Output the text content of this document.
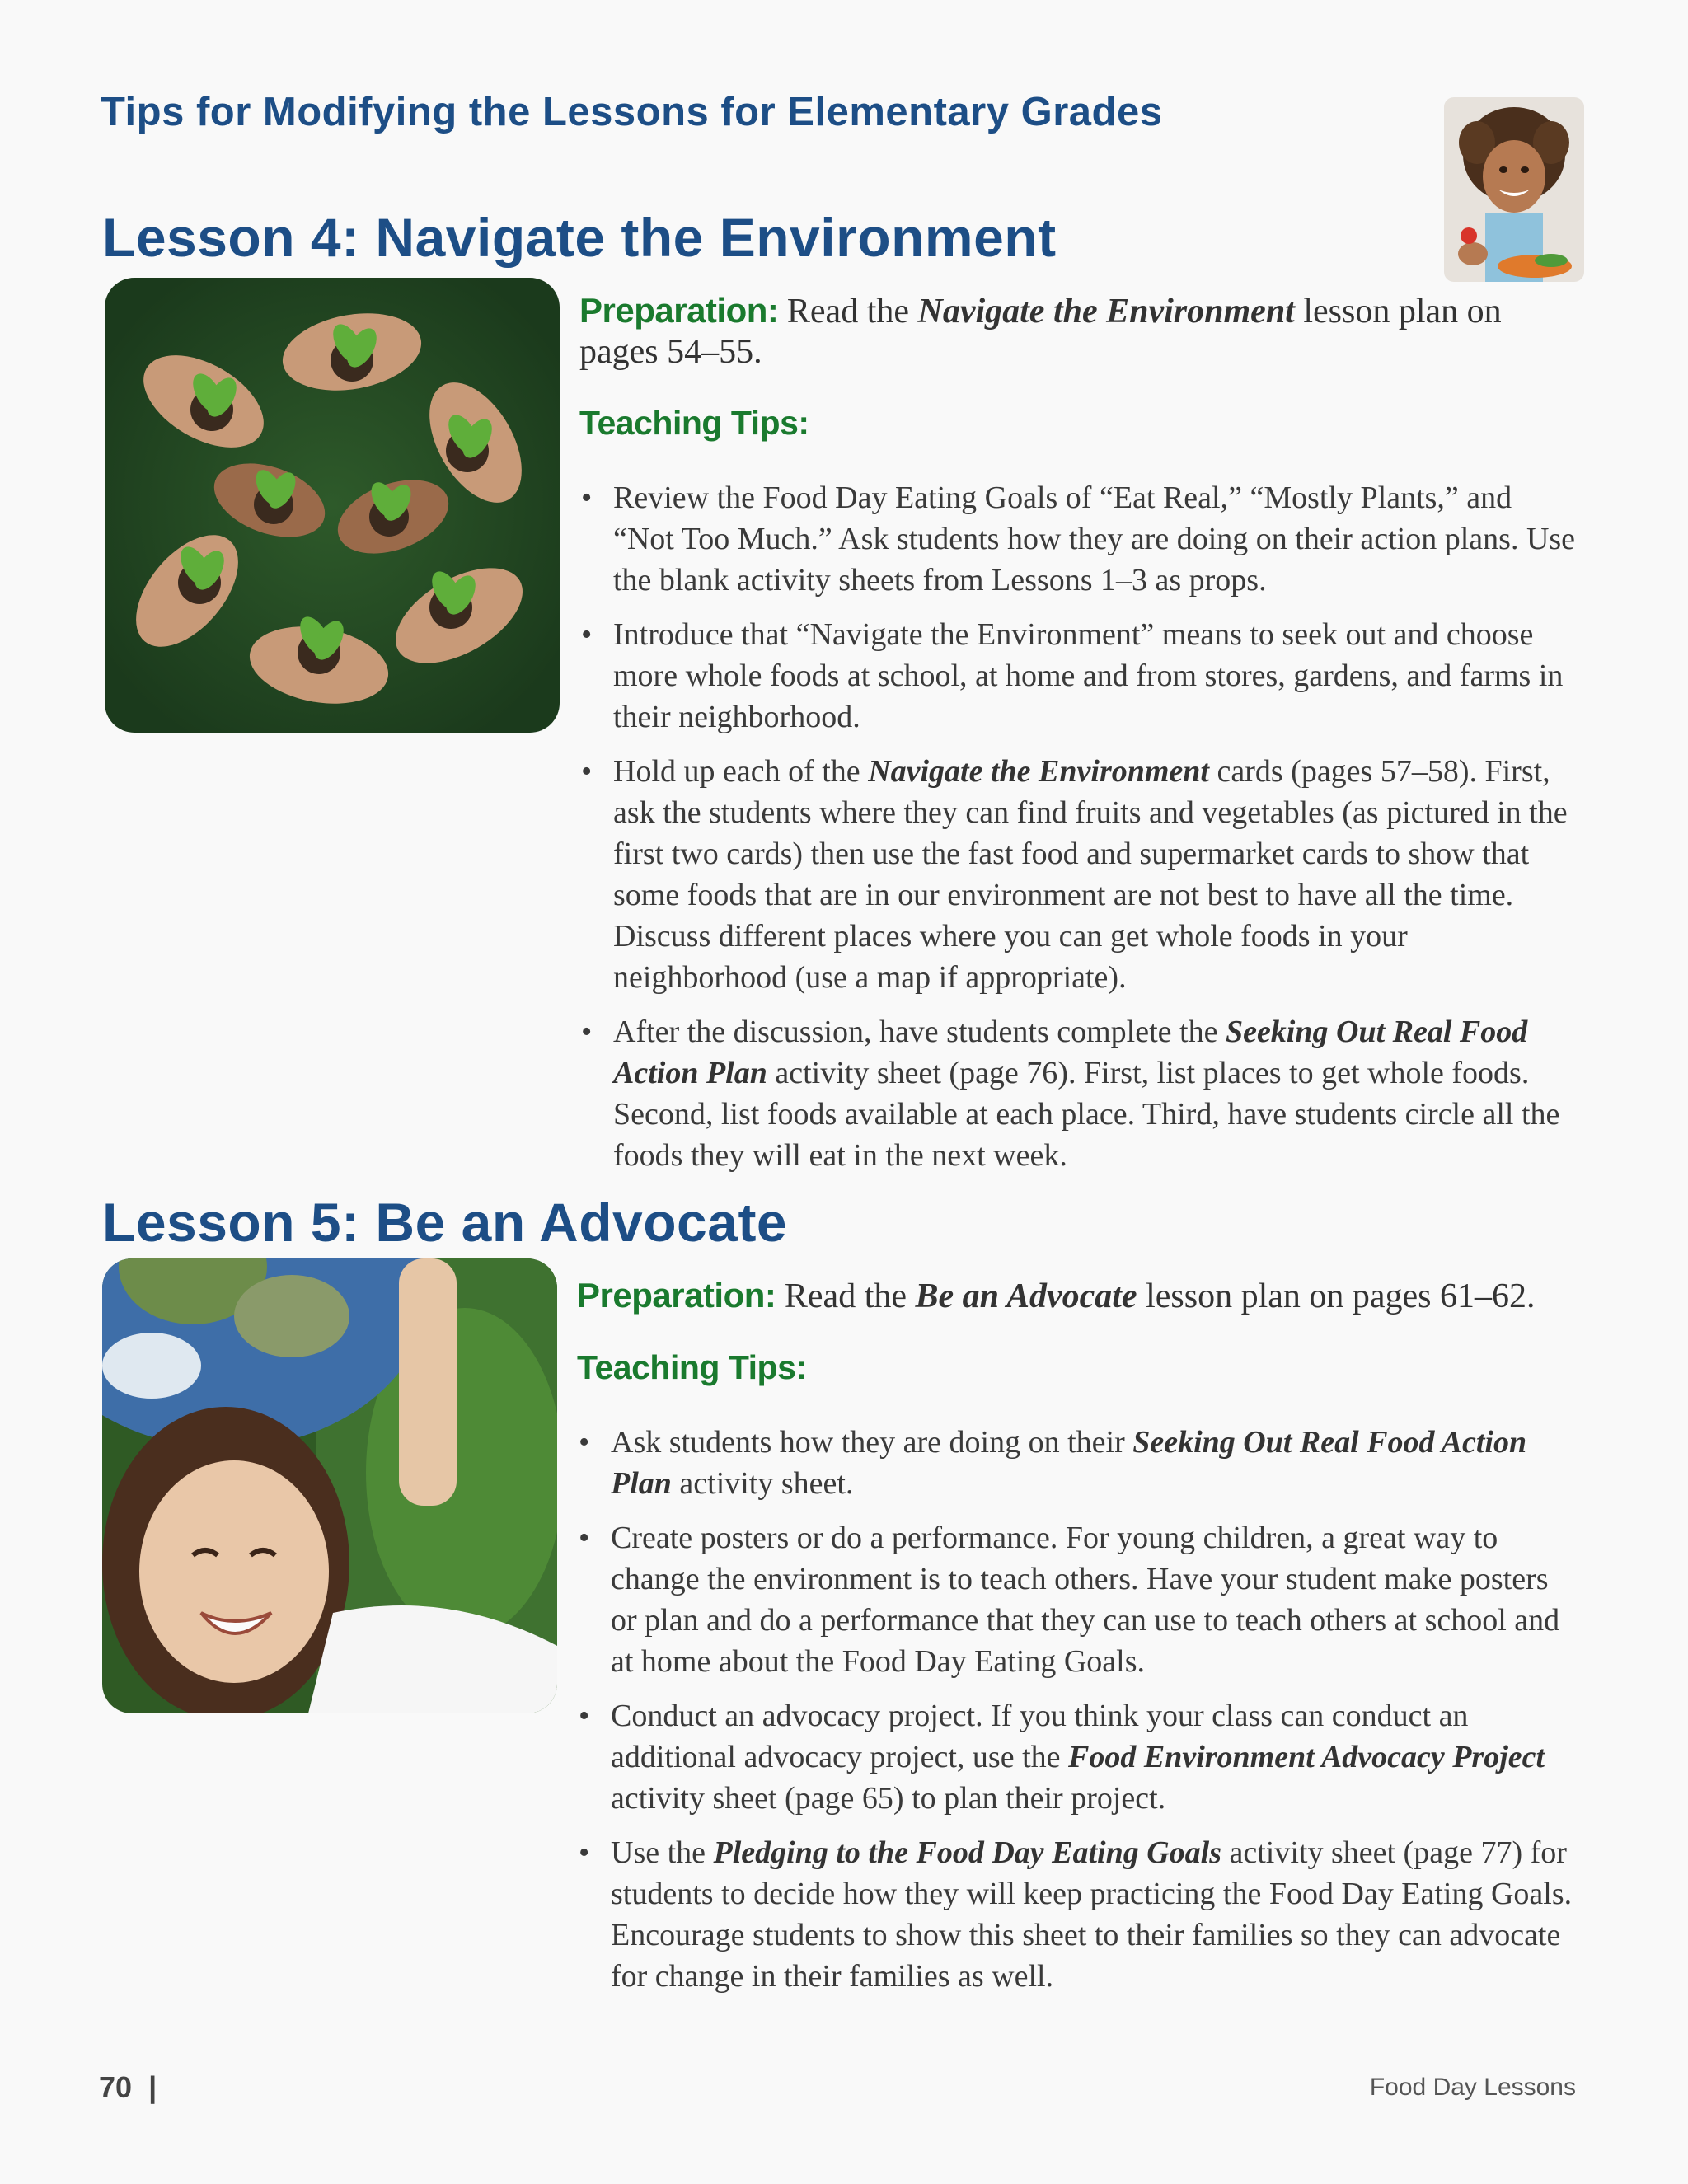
Tips for Modifying the Lessons for Elementary Grades
Lesson 4: Navigate the Environment

Preparation: Read the Navigate the Environment lesson plan on pages 54–55.

Teaching Tips:
• Review the Food Day Eating Goals of “Eat Real,” “Mostly Plants,” and “Not Too Much.” Ask students how they are doing on their action plans. Use the blank activity sheets from Lessons 1–3 as props.
• Introduce that “Navigate the Environment” means to seek out and choose more whole foods at school, at home and from stores, gardens, and farms in their neighborhood.
• Hold up each of the Navigate the Environment cards (pages 57–58). First, ask the students where they can find fruits and vegetables (as pictured in the first two cards) then use the fast food and supermarket cards to show that some foods that are in our environment are not best to have all the time. Discuss different places where you can get whole foods in your neighborhood (use a map if appropriate).
• After the discussion, have students complete the Seeking Out Real Food Action Plan activity sheet (page 76). First, list places to get whole foods. Second, list foods available at each place. Third, have students circle all the foods they will eat in the next week.
Lesson 5: Be an Advocate

Preparation: Read the Be an Advocate lesson plan on pages 61–62.

Teaching Tips:
• Ask students how they are doing on their Seeking Out Real Food Action Plan activity sheet.
• Create posters or do a performance. For young children, a great way to change the environment is to teach others. Have your student make posters or plan and do a performance that they can use to teach others at school and at home about the Food Day Eating Goals.
• Conduct an advocacy project. If you think your class can conduct an additional advocacy project, use the Food Environment Advocacy Project activity sheet (page 65) to plan their project.
• Use the Pledging to the Food Day Eating Goals activity sheet (page 77) for students to decide how they will keep practicing the Food Day Eating Goals. Encourage students to show this sheet to their families so they can advocate for change in their families as well.
70 |	Food Day Lessons
